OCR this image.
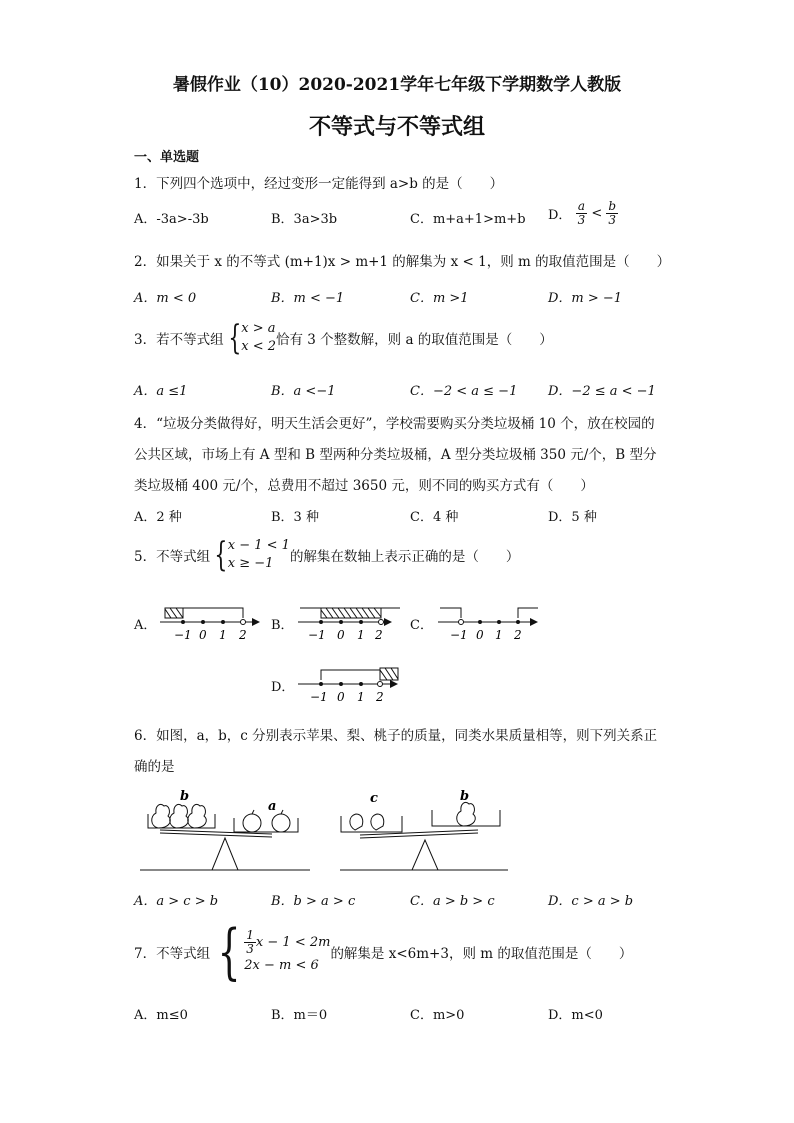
暑假作业（10）2020-2021学年七年级下学期数学人教版
不等式与不等式组
一、单选题
1．下列四个选项中，经过变形一定能得到 a>b 的是（　　）
A．-3a>-3b	B．3a>3b	C．m+a+1>m+b D． $\frac{a}{3} < \frac{b}{3}$
2．如果关于 x 的不等式 (m+1)x > m+1 的解集为 x < 1，则 m 的取值范围是（　　）
A．m < 0	B．m < −1	C．m >1	D．m > −1
3．若不等式组 {x > a
x < 2恰有 3 个整数解，则 a 的取值范围是（　　）
A．a ≤1	B．a <−1	C．−2 < a ≤ −1 D．−2 ≤ a < −1
4．“垃圾分类做得好，明天生活会更好”，学校需要购买分类垃圾桶 10 个，放在校园的
公共区域，市场上有 A 型和 B 型两种分类垃圾桶，A 型分类垃圾桶 350 元/个，B 型分
类垃圾桶 400 元/个，总费用不超过 3650 元，则不同的购买方式有（　　）
A．2 种	B．3 种	C．4 种	D．5 种
5．不等式组 {x − 1 < 1
x ≥ −1 的解集在数轴上表示正确的是（　　）
A．
−1 0 1 2
B．
−1 0 1 2
C．
−1 0 1 2
D．
−1 0 1 2
6．如图，a，b，c 分别表示苹果、梨、桃子的质量，同类水果质量相等，则下列关系正
确的是
b
a
c	b
A．a > c > b	B．b > a > c	C．a > b > c	D．c > a > b
7．不等式组 { $\frac{1}{3}$ x − 1 < 2m
2x − m < 6的解集是 x<6m+3，则 m 的取值范围是（　　）
A．m≤0	B．m＝0	C．m>0	D．m<0
